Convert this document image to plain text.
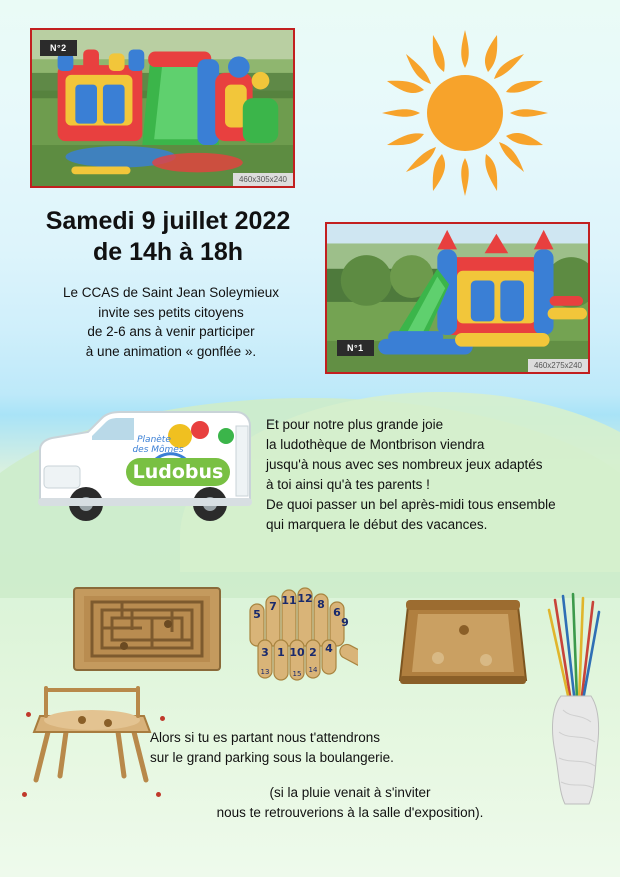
N°2
460x305x240
N°1
460x275x240
Samedi 9 juillet 2022
de 14h à 18h
Le CCAS de Saint Jean Soleymieux
invite ses petits citoyens
de 2-6 ans à venir participer
à une animation « gonflée ».
Ludobus
Planète
des Mômes
Et pour notre plus grande joie
la ludothèque de Montbrison viendra
jusqu'à nous avec ses nombreux jeux adaptés
à toi ainsi qu'à tes parents !
De quoi passer un bel après-midi tous ensemble
qui marquera le début des vacances.
5
7 11 12 8
6
3 1 10 2 4
9
13	15 14
Alors si tu es partant nous t'attendrons
sur le grand parking sous la boulangerie.
(si la pluie venait à s'inviter
nous te retrouverions à la salle d'exposition).
